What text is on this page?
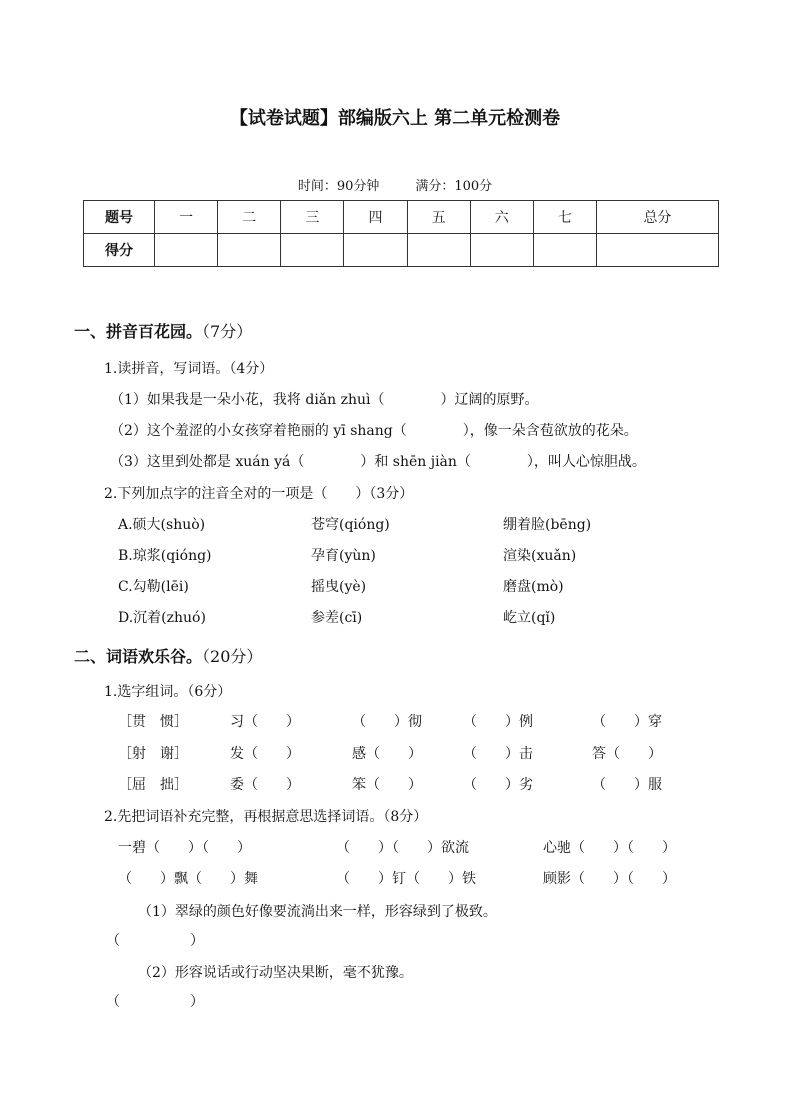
【试卷试题】部编版六上 第二单元检测卷
时间：90分钟	满分：100分
题号	一	二	三	四	五	六	七	总分
得分								
一、拼音百花园。（7分）
1.读拼音，写词语。（4分）
（1）如果我是一朵小花，我将 diǎn zhuì（　　　　）辽阔的原野。
（2）这个羞涩的小女孩穿着艳丽的 yī shang（　　　　），像一朵含苞欲放的花朵。
（3）这里到处都是 xuán yá（　　　　）和 shēn jiàn（　　　　），叫人心惊胆战。
2.下列加点字的注音全对的一项是（　　）（3分）
A.硕大(shuò)	苍穹(qióng)	绷着脸(bēng)
B.琼浆(qióng)	孕育(yùn)	渲染(xuǎn)
C.勾勒(lēi)	摇曳(yè)	磨盘(mò)
D.沉着(zhuó)	参差(cī)	屹立(qǐ)
二、词语欢乐谷。（20分）
1.选字组词。（6分）
［贯　惯］	习（　　）	（　　）彻	（　　）例	（　　）穿
［射　谢］	发（　　）	感（　　）	（　　）击	答（　　）
［屈　拙］	委（　　）	笨（　　）	（　　）劣	（　　）服
2.先把词语补充完整，再根据意思选择词语。（8分）
一碧（　　）（　　）	（　　）（　　）欲流	心驰（　　）（　　）
（　　）飘（　　）舞	（　　）钉（　　）铁	顾影（　　）（　　）
（1）翠绿的颜色好像要流淌出来一样，形容绿到了极致。
（　　　　　）
（2）形容说话或行动坚决果断，毫不犹豫。
（　　　　　）
